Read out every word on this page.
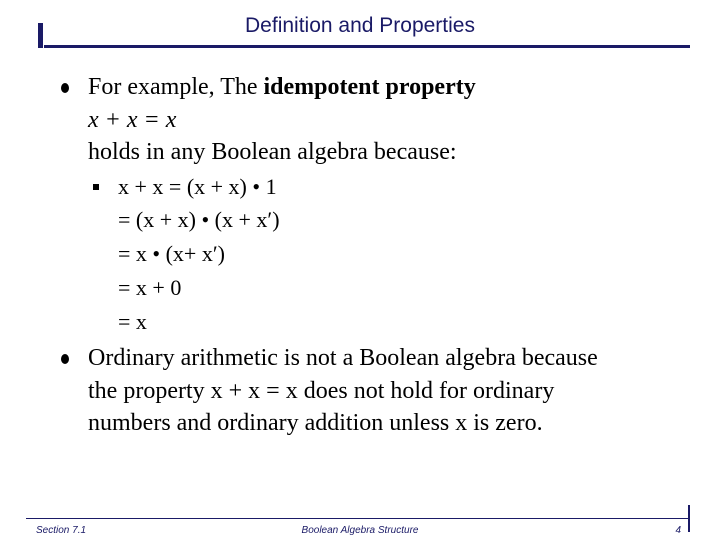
Definition and Properties
For example, The idempotent property
x + x = x
holds in any Boolean algebra because:
x + x = (x + x) • 1
= (x + x) • (x + x′)
= x • (x+ x′)
= x + 0
= x
Ordinary arithmetic is not a Boolean algebra because
the property x + x = x does not hold for ordinary
numbers and ordinary addition unless x is zero.
Section 7.1	Boolean Algebra Structure	4
